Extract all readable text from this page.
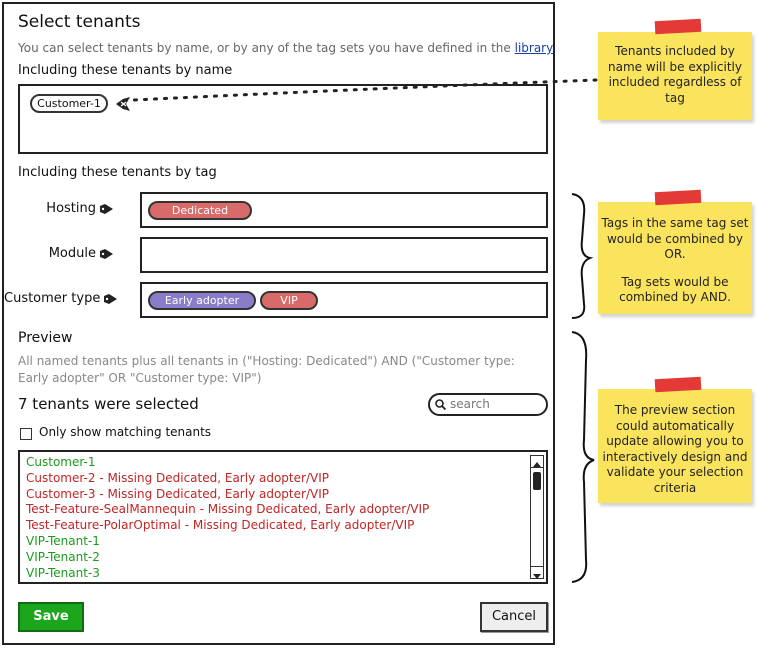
Select tenants
You can select tenants by name, or by any of the tag sets you have defined in the library
Including these tenants by name
Customer-1
Including these tenants by tag
Hosting	Dedicated
Module
Customer type	Early adopter	VIP
Preview
All named tenants plus all tenants in ("Hosting: Dedicated") AND ("Customer type: Early adopter" OR "Customer type: VIP")
7 tenants were selected	search
Only show matching tenants
Customer-1
Customer-2 - Missing Dedicated, Early adopter/VIP
Customer-3 - Missing Dedicated, Early adopter/VIP
Test-Feature-SealMannequin - Missing Dedicated, Early adopter/VIP
Test-Feature-PolarOptimal - Missing Dedicated, Early adopter/VIP
VIP-Tenant-1
VIP-Tenant-2
VIP-Tenant-3
Save	Cancel
Tenants included by name will be explicitly included regardless of tag
Tags in the same tag set would be combined by OR.
Tag sets would be combined by AND.
The preview section could automatically update allowing you to interactively design and validate your selection criteria
